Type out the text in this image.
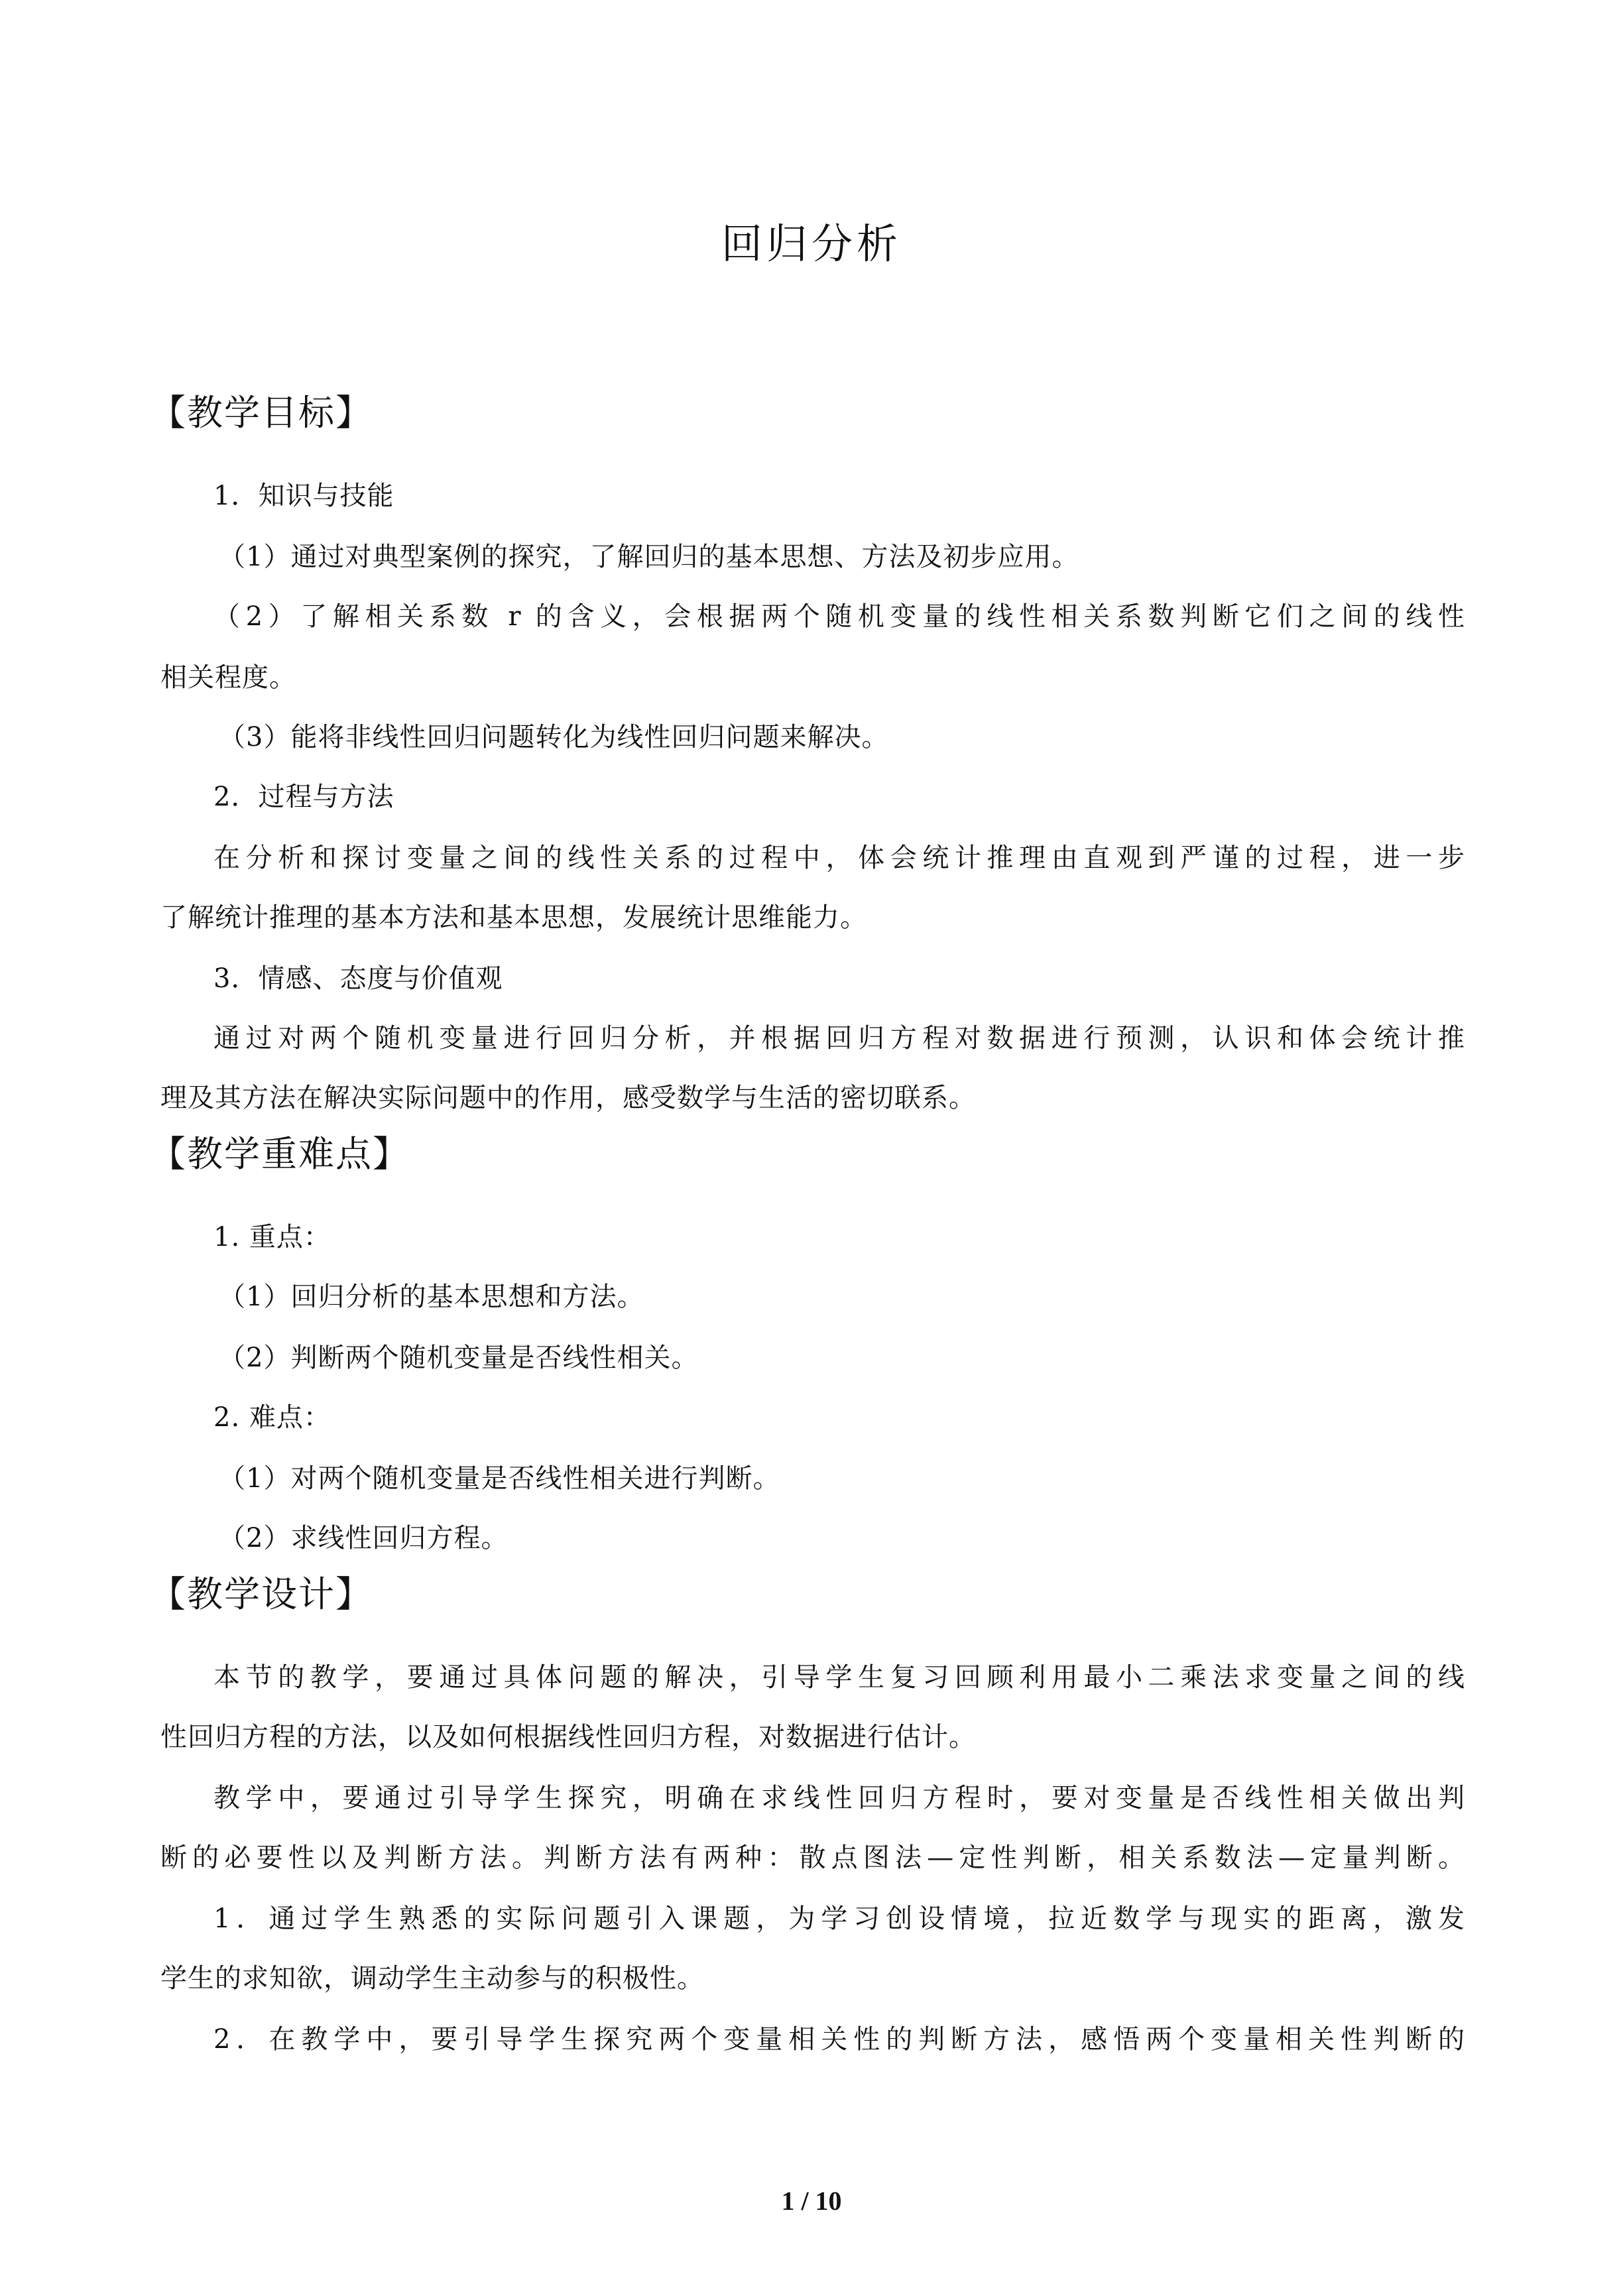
回归分析
【教学目标】
1．知识与技能
（1）通过对典型案例的探究，了解回归的基本思想、方法及初步应用。
（2）了解相关系数 r 的含义，会根据两个随机变量的线性相关系数判断它们之间的线性
相关程度。
（3）能将非线性回归问题转化为线性回归问题来解决。
2．过程与方法
在分析和探讨变量之间的线性关系的过程中，体会统计推理由直观到严谨的过程，进一步
了解统计推理的基本方法和基本思想，发展统计思维能力。
3．情感、态度与价值观
通过对两个随机变量进行回归分析，并根据回归方程对数据进行预测，认识和体会统计推
理及其方法在解决实际问题中的作用，感受数学与生活的密切联系。
【教学重难点】
1. 重点：
（1）回归分析的基本思想和方法。
（2）判断两个随机变量是否线性相关。
2. 难点：
（1）对两个随机变量是否线性相关进行判断。
（2）求线性回归方程。
【教学设计】
本节的教学，要通过具体问题的解决，引导学生复习回顾利用最小二乘法求变量之间的线
性回归方程的方法，以及如何根据线性回归方程，对数据进行估计。
教学中，要通过引导学生探究，明确在求线性回归方程时，要对变量是否线性相关做出判
断的必要性以及判断方法。判断方法有两种：散点图法—定性判断，相关系数法—定量判断。
1．通过学生熟悉的实际问题引入课题，为学习创设情境，拉近数学与现实的距离，激发
学生的求知欲，调动学生主动参与的积极性。
2．在教学中，要引导学生探究两个变量相关性的判断方法，感悟两个变量相关性判断的
1 / 10
